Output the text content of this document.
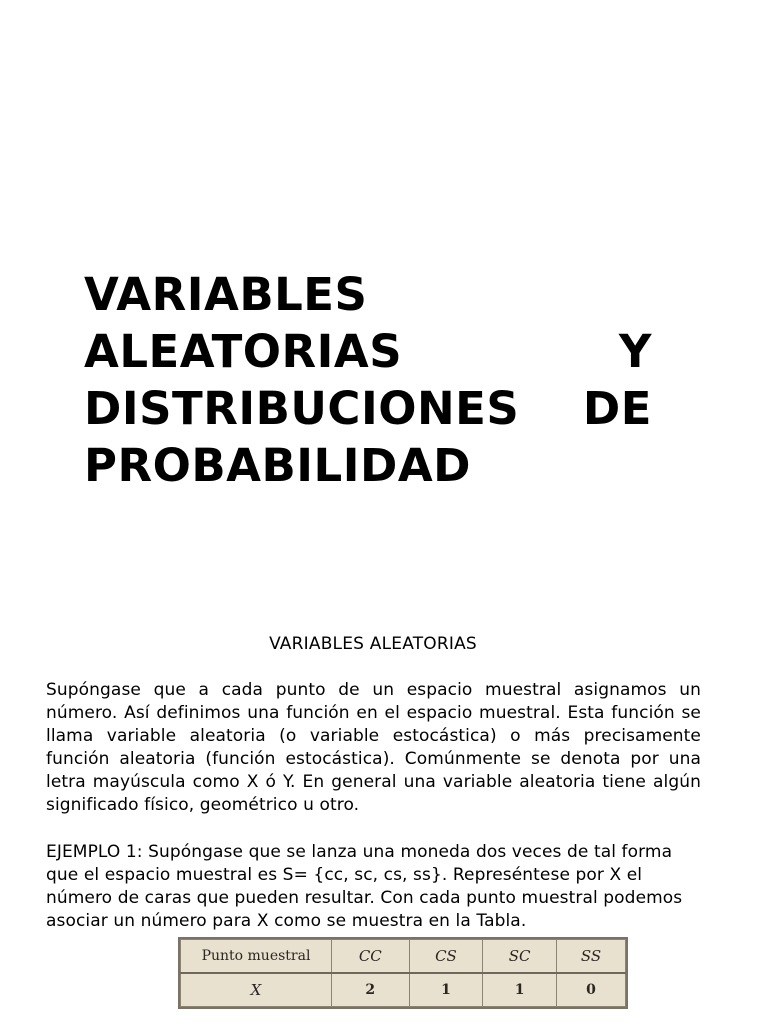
VARIABLES
ALEATORIAS	Y
DISTRIBUCIONES DE
PROBABILIDAD
VARIABLES ALEATORIAS

Supóngase que a cada punto de un espacio muestral asignamos un número. Así definimos una función en el espacio muestral. Esta función se llama variable aleatoria (o variable estocástica) o más precisamente función aleatoria (función estocástica). Comúnmente se denota por una letra mayúscula como X ó Y. En general una variable aleatoria tiene algún significado físico, geométrico u otro.

EJEMPLO 1: Supóngase que se lanza una moneda dos veces de tal forma que el espacio muestral es S= {cc, sc, cs, ss}. Represéntese por X el número de caras que pueden resultar. Con cada punto muestral podemos asociar un número para X como se muestra en la Tabla.

Punto muestral	CC	CS	SC	SS
X	2	1	1	0
